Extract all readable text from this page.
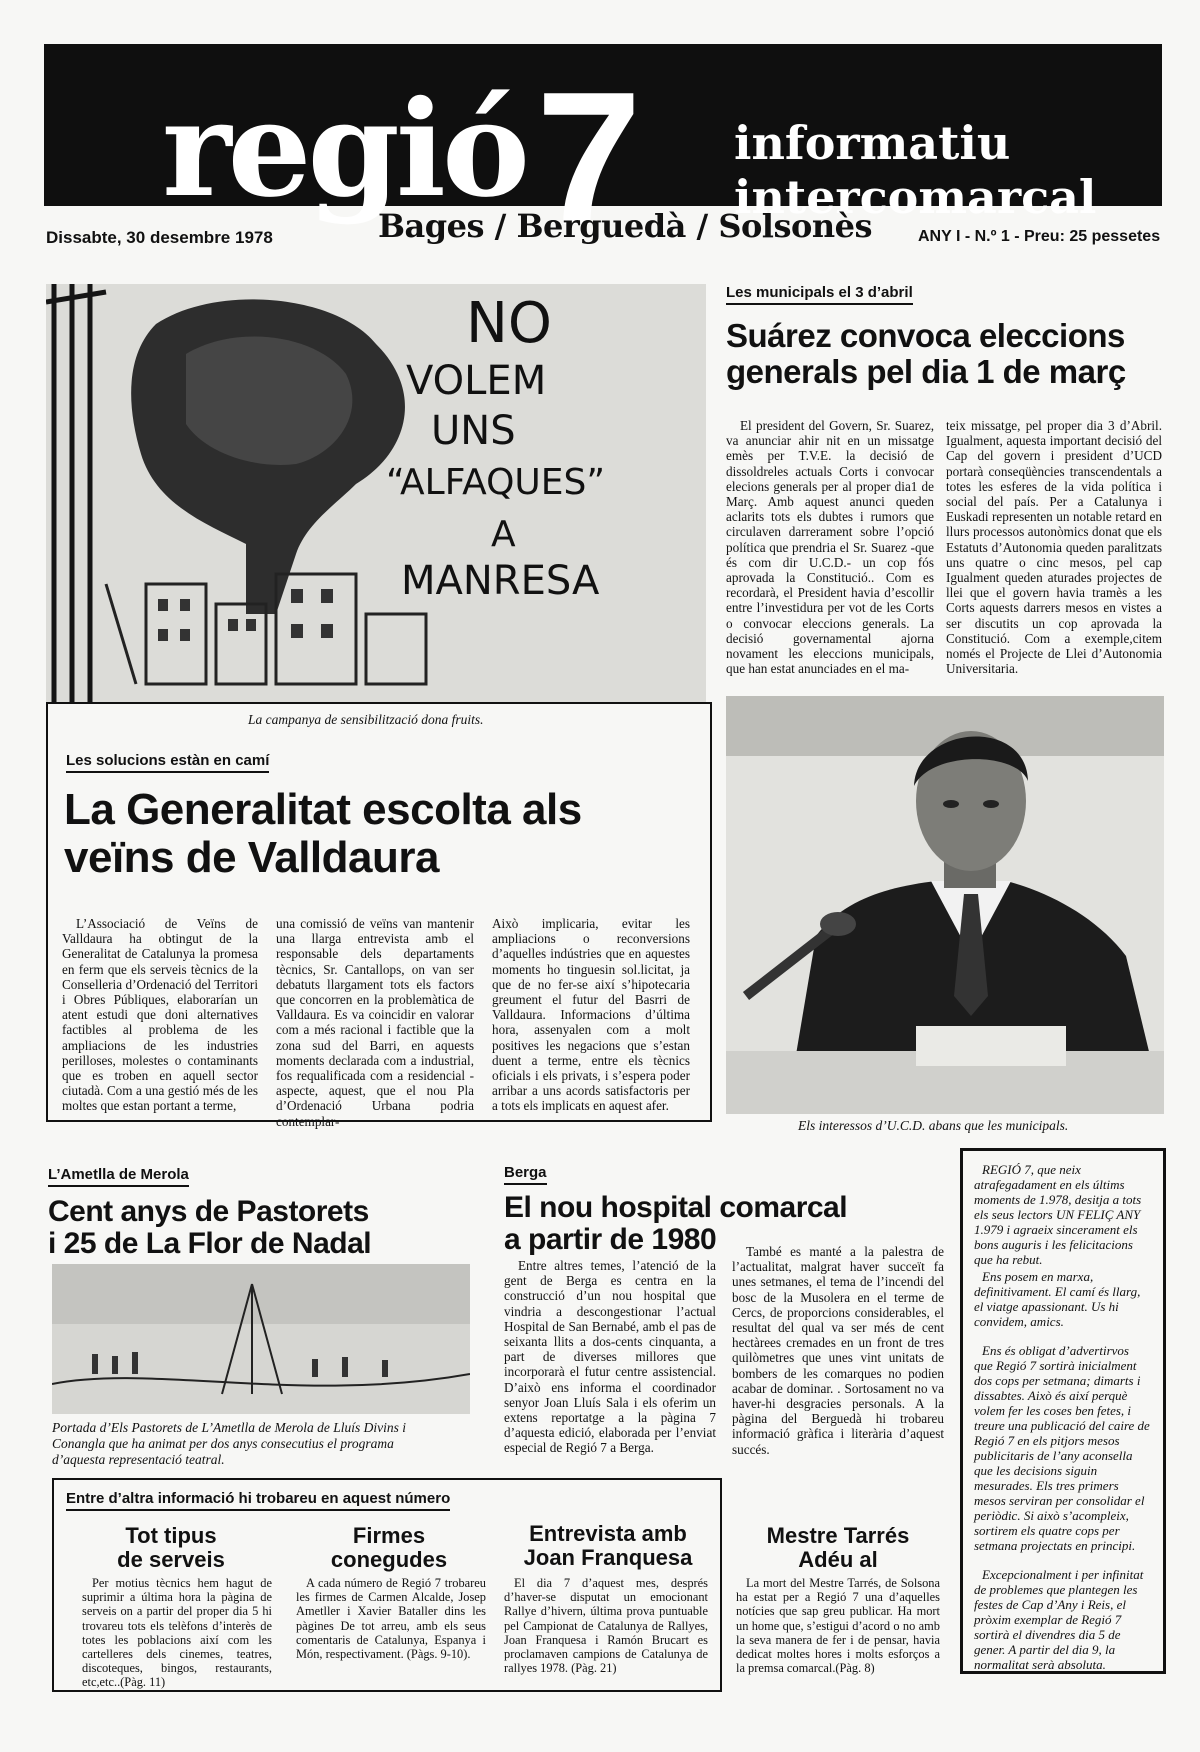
regió7 informatiu
intercomarcal
Dissabte, 30 desembre 1978	Bages / Berguedà / Solsonès	ANY I - N.º 1 - Preu: 25 pessetes
NO
VOLEM
UNS
“ALFAQUES”
A
MANRESA
La campanya de sensibilització dona fruits.
Les municipals el 3 d’abril
Suárez convoca eleccions
generals pel dia 1 de març
El president del Govern, Sr. Suarez, va anunciar ahir nit en un missatge emès per T.V.E. la decisió de dissoldreles actuals Corts i convocar elecions generals per al proper dia1 de Març. Amb aquest anunci queden aclarits tots els dubtes i rumors que circulaven darrerament sobre l’opció política que prendria el Sr. Suarez -que és com dir U.C.D.- un cop fós aprovada la Constitució.. Com es recordarà, el President havia d’escollir entre l’investidura per vot de les Corts o convocar eleccions generals. La decisió governamental ajorna novament les eleccions municipals, que han estat anunciades en el ma-
teix missatge, pel proper dia 3 d’Abril. Igualment, aquesta important decisió del Cap del govern i president d’UCD portarà conseqüències transcendentals a totes les esferes de la vida política i social del país. Per a Catalunya i Euskadi representen un notable retard en llurs processos autonòmics donat que els Estatuts d’Autonomia queden paralitzats uns quatre o cinc mesos, pel cap Igualment queden aturades projectes de llei que el govern havia tramès a les Corts aquests darrers mesos en vistes a ser discutits un cop aprovada la Constitució. Com a exemple,citem només el Projecte de Llei d’Autonomia Universitaria.
Els interessos d’U.C.D. abans que les municipals.
Les solucions estàn en camí
La Generalitat escolta als
veïns de Valldaura
L’Associació de Veïns de Valldaura ha obtingut de la Generalitat de Catalunya la promesa en ferm que els serveis tècnics de la Conselleria d’Ordenació del Territori i Obres Públiques, elaborarían un atent estudi que doni alternatives factibles al problema de les ampliacions de les industries perilloses, molestes o contaminants que es troben en aquell sector ciutadà. Com a una gestió més de les moltes que estan portant a terme,
una comissió de veïns van mantenir una llarga entrevista amb el responsable dels departaments tècnics, Sr. Cantallops, on van ser debatuts llargament tots els factors que concorren en la problemàtica de Valldaura. Es va coincidir en valorar com a més racional i factible que la zona sud del Barri, en aquests moments declarada com a industrial, fos requalificada com a residencial -aspecte, aquest, que el nou Pla d’Ordenació Urbana podria contemplar-
Això implicaria, evitar les ampliacions o reconversions d’aquelles indústries que en aquestes moments ho tinguesin sol.licitat, ja que de no fer-se així s’hipotecaria greument el futur del Basrri de Valldaura. Informacions d’última hora, assenyalen com a molt positives les negacions que s’estan duent a terme, entre els tècnics oficials i els privats, i s’espera poder arribar a uns acords satisfactoris per a tots els implicats en aquest afer.
L’Ametlla de Merola
Cent anys de Pastorets
i 25 de La Flor de Nadal
Portada d’Els Pastorets de L’Ametlla de Merola de Lluís Divins i
Conangla que ha animat per dos anys consecutius el programa
d’aquesta representació teatral.
Berga
El nou hospital comarcal
a partir de 1980
Entre altres temes, l’atenció de la gent de Berga es centra en la construcció d’un nou hospital que vindria a descongestionar l’actual Hospital de San Bernabé, amb el pas de seixanta llits a dos-cents cinquanta, a part de diverses millores que incorporarà el futur centre assistencial. D’això ens informa el coordinador senyor Joan Lluís Sala i els oferim un extens reportatge a la pàgina 7 d’aquesta edició, elaborada per l’enviat especial de Regió 7 a Berga.
També es manté a la palestra de l’actualitat, malgrat haver succeït fa unes setmanes, el tema de l’incendi del bosc de la Musolera en el terme de Cercs, de proporcions considerables, el resultat del qual va ser més de cent hectàrees cremades en un front de tres quilòmetres que unes vint unitats de bombers de les comarques no podien acabar de dominar. . Sortosament no va haver-hi desgracies personals. A la pàgina del Berguedà hi trobareu informació gràfica i literària d’aquest succés.
REGIÓ 7, que neix atrafegadament en els últims moments de 1.978, desitja a tots els seus lectors UN FELIÇ ANY 1.979 i agraeix sincerament els bons auguris i les felicitacions que ha rebut.
Ens posem en marxa, definitivament. El camí és llarg, el viatge apassionant. Us hi convidem, amics.
Ens és obligat d’advertirvos que Regió 7 sortirà inicialment dos cops per setmana; dimarts i dissabtes. Això és així perquè volem fer les coses ben fetes, i treure una publicació del caire de Regió 7 en els pitjors mesos publicitaris de l’any aconsella que les decisions siguin mesurades. Els tres primers mesos serviran per consolidar el periòdic. Si això s’acompleix, sortirem els quatre cops per setmana projectats en principi.
Excepcionalment i per infinitat de problemes que plantegen les festes de Cap d’Any i Reis, el pròxim exemplar de Regió 7 sortirà el divendres dia 5 de gener. A partir del dia 9, la normalitat serà absoluta.
Entre d’altra informació hi trobareu en aquest número
Tot tipus
de serveis
Per motius tècnics hem hagut de suprimir a última hora la pàgina de serveis on a partir del proper dia 5 hi trovareu tots els telèfons d’interès de totes les poblacions així com les cartelleres dels cinemes, teatres, discoteques, bingos, restaurants, etc,etc..(Pàg. 11)
Firmes
conegudes
A cada número de Regió 7 trobareu les firmes de Carmen Alcalde, Josep Ametller i Xavier Bataller dins les pàgines De tot arreu, amb els seus comentaris de Catalunya, Espanya i Món, respectivament. (Pàgs. 9-10).
Entrevista amb
Joan Franquesa
El dia 7 d’aquest mes, després d’haver-se disputat un emocionant Rallye d’hivern, última prova puntuable pel Campionat de Catalunya de Rallyes, Joan Franquesa i Ramón Brucart es proclamaven campions de Catalunya de rallyes 1978. (Pàg. 21)
Mestre Tarrés
Adéu al
La mort del Mestre Tarrés, de Solsona ha estat per a Regió 7 una d’aquelles notícies que sap greu publicar. Ha mort un home que, s’estigui d’acord o no amb la seva manera de fer i de pensar, havia dedicat moltes hores i molts esforços a la premsa comarcal.(Pàg. 8)
